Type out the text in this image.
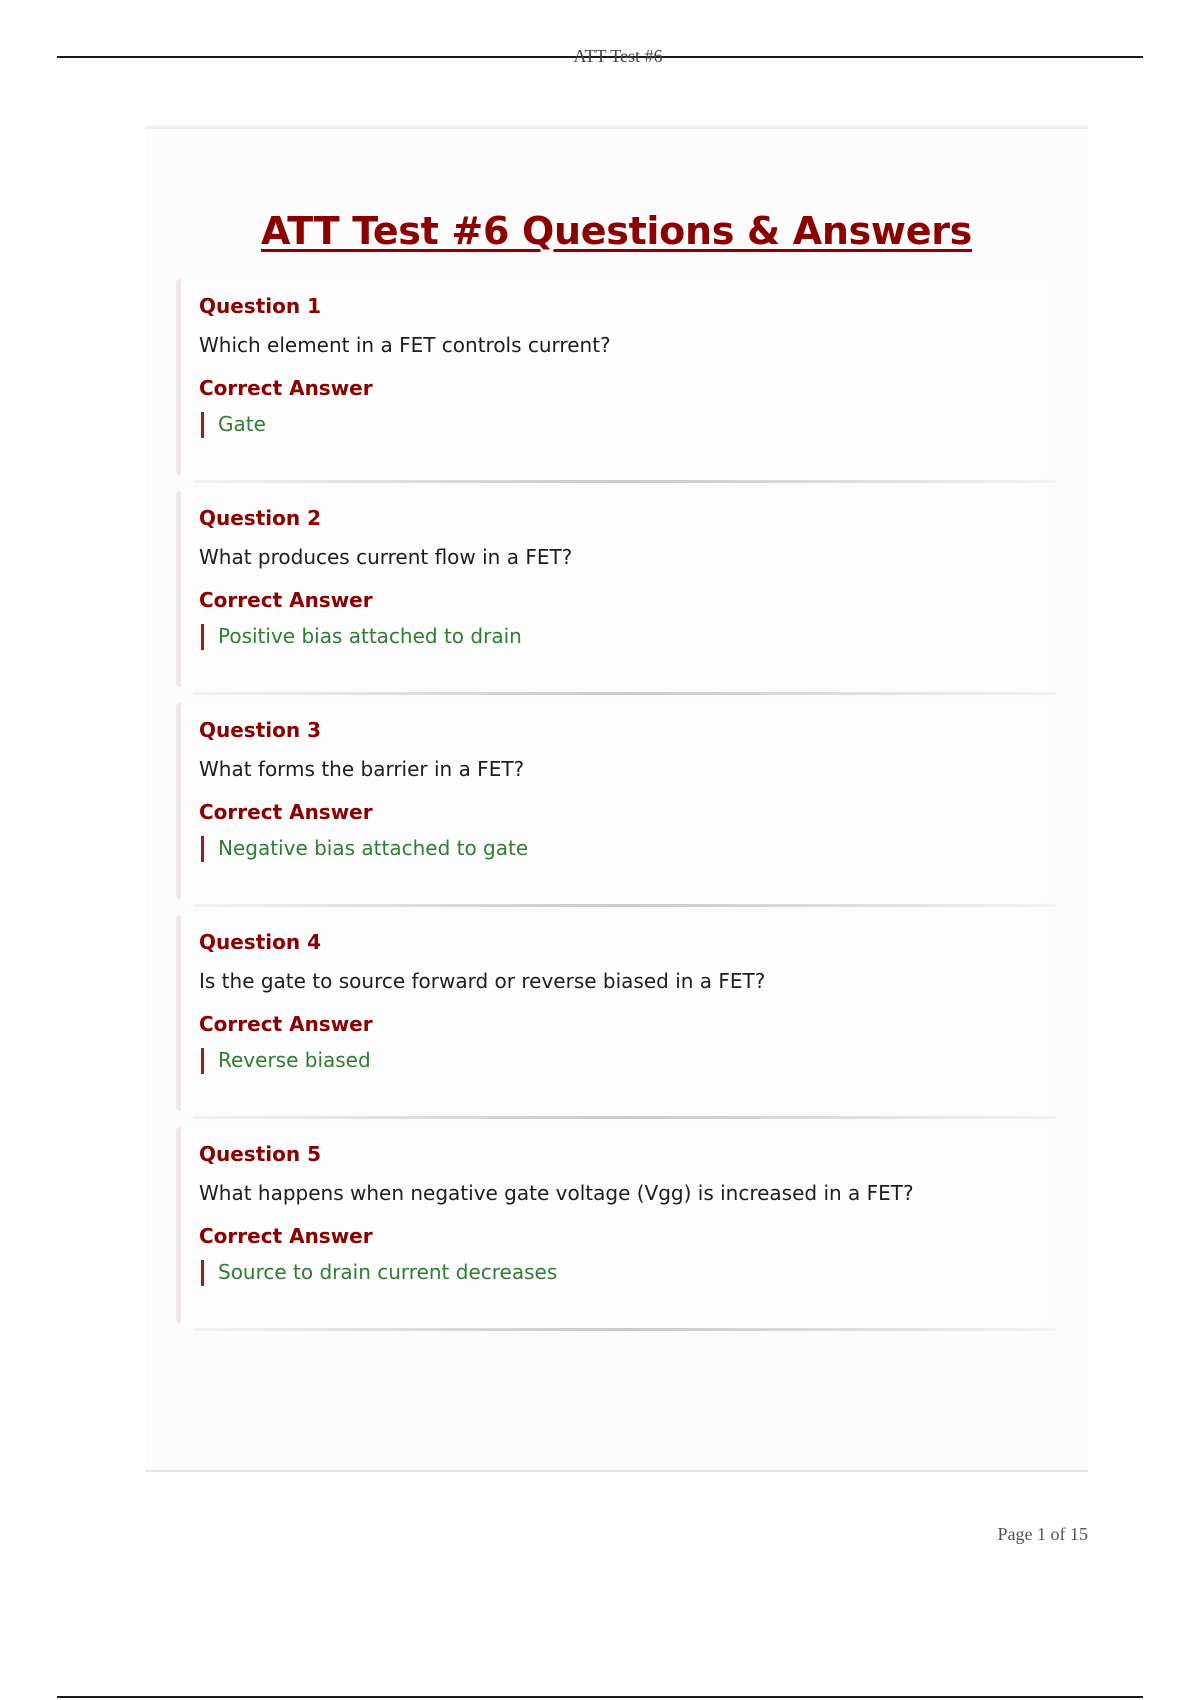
ATT Test #6
ATT Test #6 Questions & Answers
Question 1
Which element in a FET controls current?
Correct Answer
Gate
Question 2
What produces current flow in a FET?
Correct Answer
Positive bias attached to drain
Question 3
What forms the barrier in a FET?
Correct Answer
Negative bias attached to gate
Question 4
Is the gate to source forward or reverse biased in a FET?
Correct Answer
Reverse biased
Question 5
What happens when negative gate voltage (Vgg) is increased in a FET?
Correct Answer
Source to drain current decreases
Page 1 of 15
